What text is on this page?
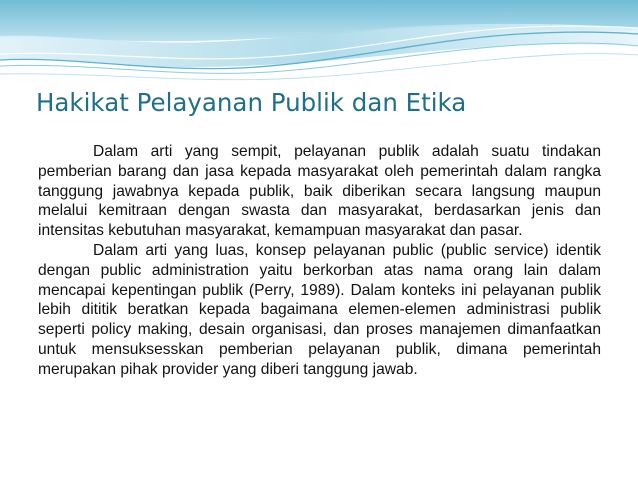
Hakikat Pelayanan Publik dan Etika

Dalam arti yang sempit, pelayanan publik adalah suatu tindakan pemberian barang dan jasa kepada masyarakat oleh pemerintah dalam rangka tanggung jawabnya kepada publik, baik diberikan secara langsung maupun melalui kemitraan dengan swasta dan masyarakat, berdasarkan jenis dan intensitas kebutuhan masyarakat, kemampuan masyarakat dan pasar.

Dalam arti yang luas, konsep pelayanan public (public service) identik dengan public administration yaitu berkorban atas nama orang lain dalam mencapai kepentingan publik (Perry, 1989). Dalam konteks ini pelayanan publik lebih dititik beratkan kepada bagaimana elemen-elemen administrasi publik seperti policy making, desain organisasi, dan proses manajemen dimanfaatkan untuk mensuksesskan pemberian pelayanan publik, dimana pemerintah merupakan pihak provider yang diberi tanggung jawab.
